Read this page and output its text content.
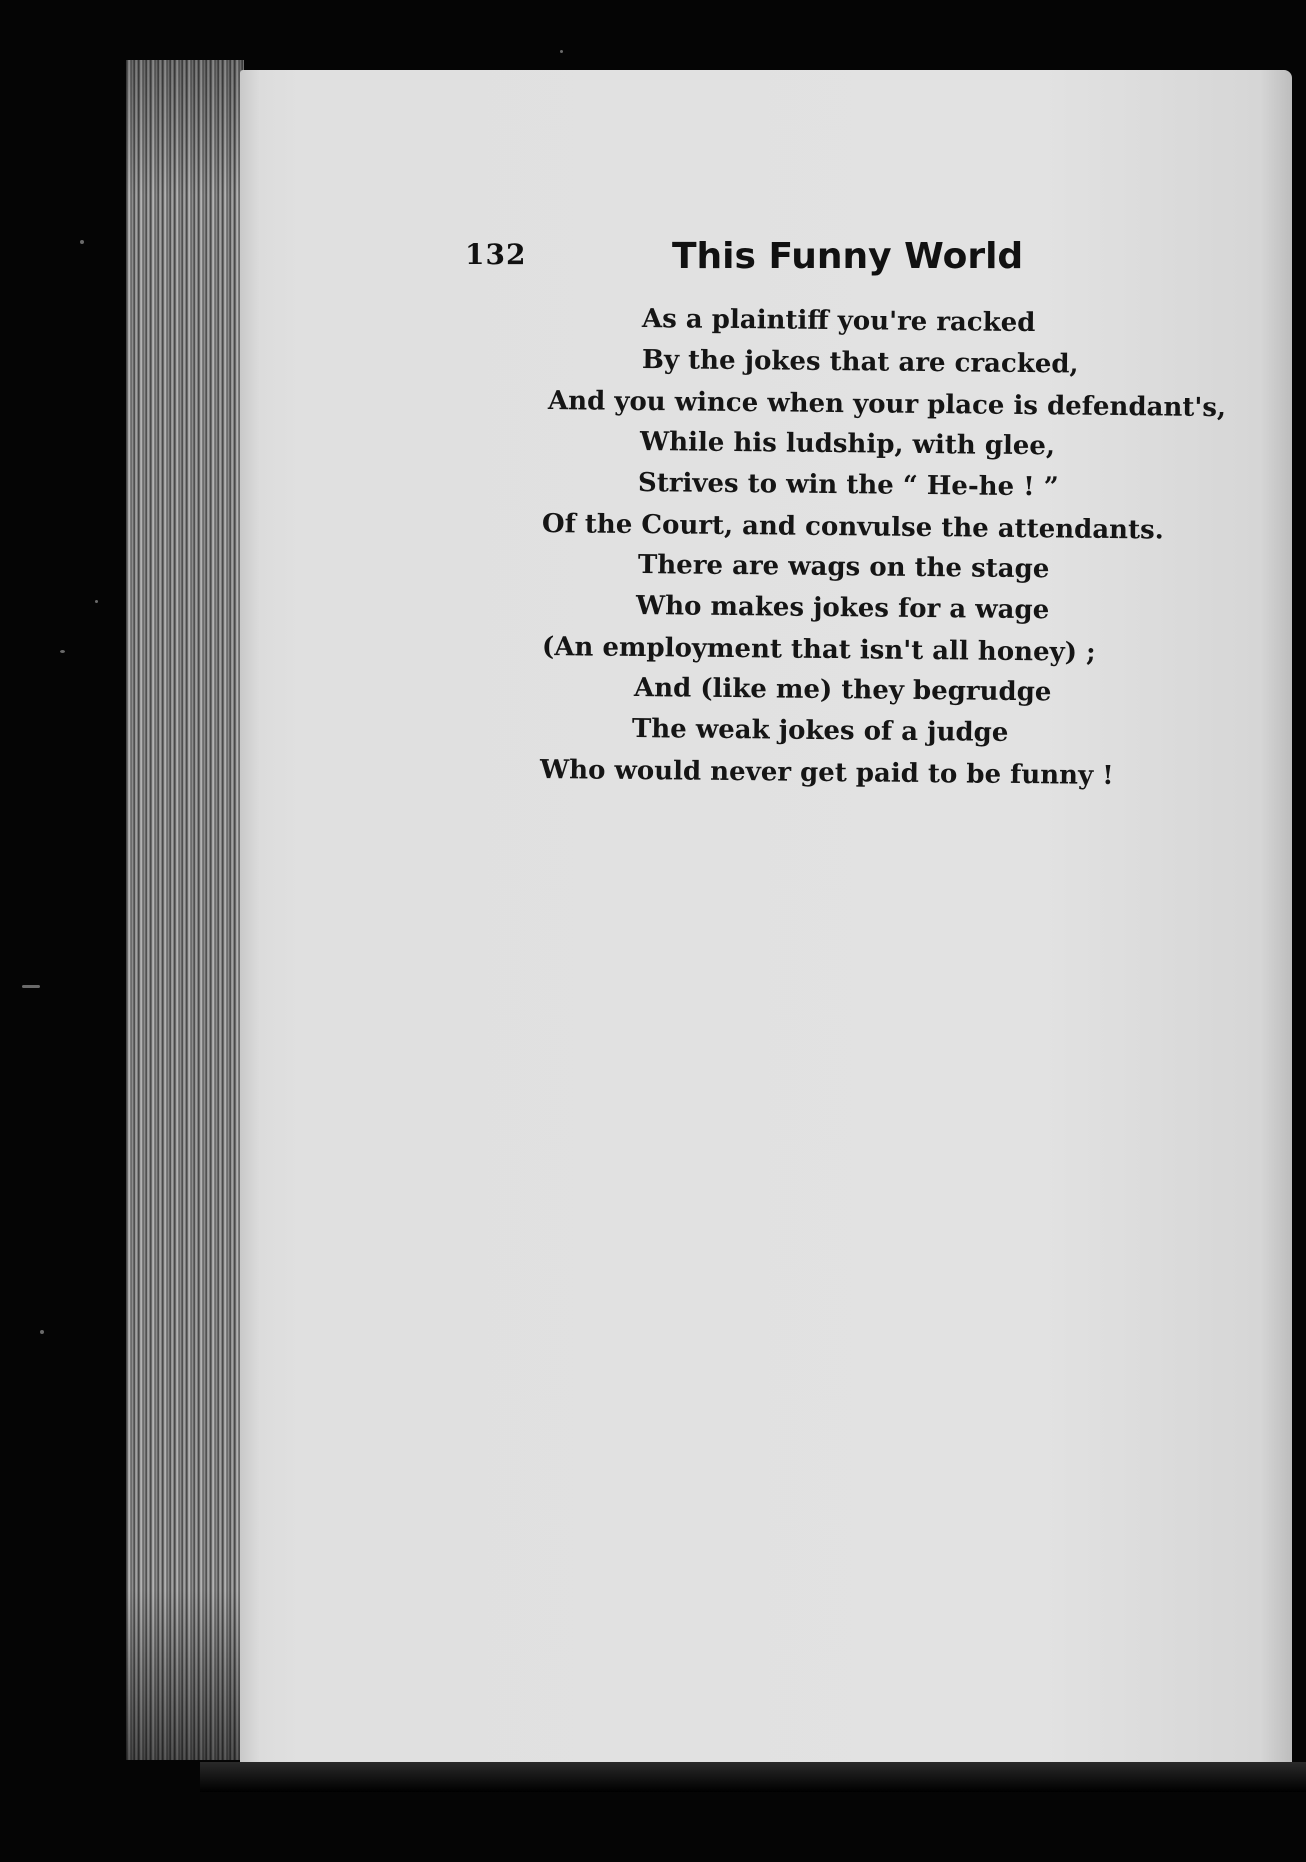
132	This Funny World
As a plaintiff you're racked
By the jokes that are cracked,
And you wince when your place is defendant's,
While his ludship, with glee,
Strives to win the “ He-he ! ”
Of the Court, and convulse the attendants.
There are wags on the stage
Who makes jokes for a wage
(An employment that isn't all honey) ;
And (like me) they begrudge
The weak jokes of a judge
Who would never get paid to be funny !
